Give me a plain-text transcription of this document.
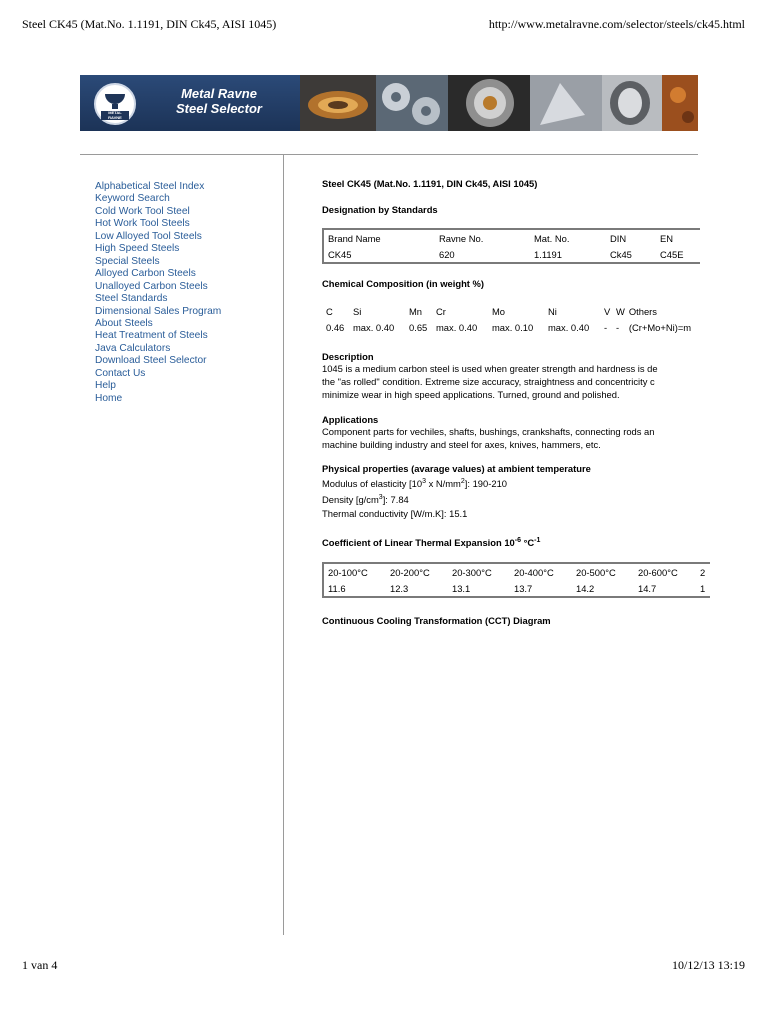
Steel CK45 (Mat.No. 1.1191, DIN Ck45, AISI 1045)	http://www.metalravne.com/selector/steels/ck45.html
METAL RAVNE
Metal Ravne
Steel Selector
Alphabetical Steel Index
Keyword Search
Cold Work Tool Steel
Hot Work Tool Steels
Low Alloyed Tool Steels
High Speed Steels
Special Steels
Alloyed Carbon Steels
Unalloyed Carbon Steels
Steel Standards
Dimensional Sales Program
About Steels
Heat Treatment of Steels
Java Calculators
Download Steel Selector
Contact Us
Help
Home
Steel CK45 (Mat.No. 1.1191, DIN Ck45, AISI 1045)
Designation by Standards
Brand Name	Ravne No.	Mat. No.	DIN	EN
CK45	620	1.1191	Ck45	C45E
Chemical Composition (in weight %)
C	Si	Mn	Cr	Mo	Ni	V	W	Others
0.46	max. 0.40	0.65	max. 0.40	max. 0.10	max. 0.40	-	-	(Cr+Mo+Ni)=m
Description
1045 is a medium carbon steel is used when greater strength and hardness is de
the "as rolled" condition. Extreme size accuracy, straightness and concentricity c
minimize wear in high speed applications. Turned, ground and polished.
Applications
Component parts for vechiles, shafts, bushings, crankshafts, connecting rods an
machine building industry and steel for axes, knives, hammers, etc.
Physical properties (avarage values) at ambient temperature
Modulus of elasticity [$10^3$ x $N/mm^2$]: 190-210
Density $[g/cm^3]$: 7.84
Thermal conductivity [W/m.K]: 15.1
Coefficient of Linear Thermal Expansion $10^{-6}$ $^\circ C^{-1}$
20-100°C	20-200°C	20-300°C	20-400°C	20-500°C	20-600°C	2
11.6	12.3	13.1	13.7	14.2	14.7	1
Continuous Cooling Transformation (CCT) Diagram
1 van 4	10/12/13 13:19
